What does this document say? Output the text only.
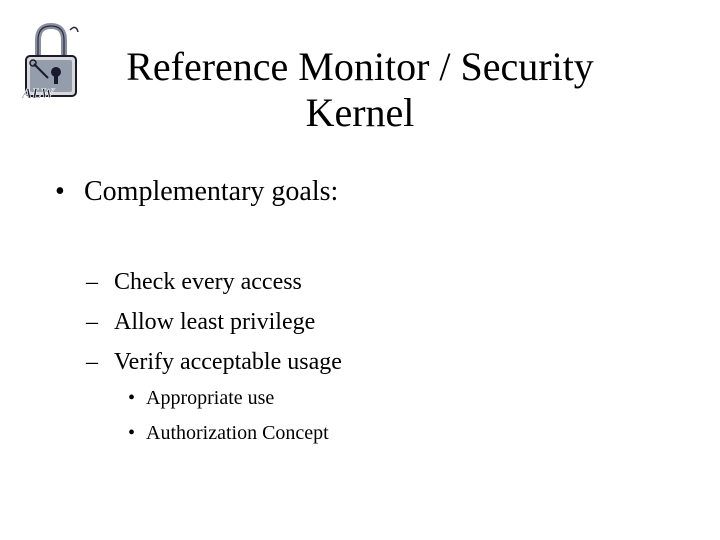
ALW
Reference Monitor / Security
Kernel
• Complementary goals:
– Check every access
– Allow least privilege
– Verify acceptable usage
• Appropriate use
• Authorization Concept
